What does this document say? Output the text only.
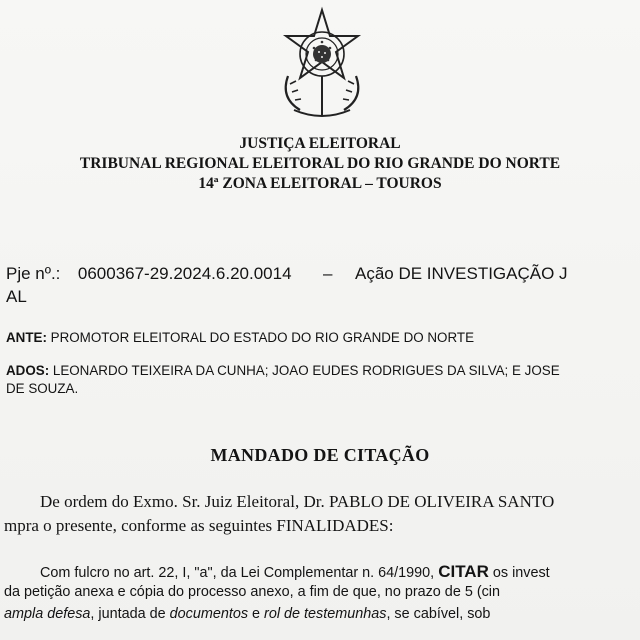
JUSTIÇA ELEITORAL
TRIBUNAL REGIONAL ELEITORAL DO RIO GRANDE DO NORTE
14ª ZONA ELEITORAL – TOUROS
Pje nº.: 0600367-29.2024.6.20.0014 – Ação DE INVESTIGAÇÃO J
AL
ANTE: PROMOTOR ELEITORAL DO ESTADO DO RIO GRANDE DO NORTE
ADOS: LEONARDO TEIXEIRA DA CUNHA; JOAO EUDES RODRIGUES DA SILVA; E JOSE
DE SOUZA.
MANDADO DE CITAÇÃO
De ordem do Exmo. Sr. Juiz Eleitoral, Dr. PABLO DE OLIVEIRA SANTO
mpra o presente, conforme as seguintes FINALIDADES:
Com fulcro no art. 22, I, "a", da Lei Complementar n. 64/1990, CITAR os invest
da petição anexa e cópia do processo anexo, a fim de que, no prazo de 5 (cin
ampla defesa, juntada de documentos e rol de testemunhas, se cabível, sob
